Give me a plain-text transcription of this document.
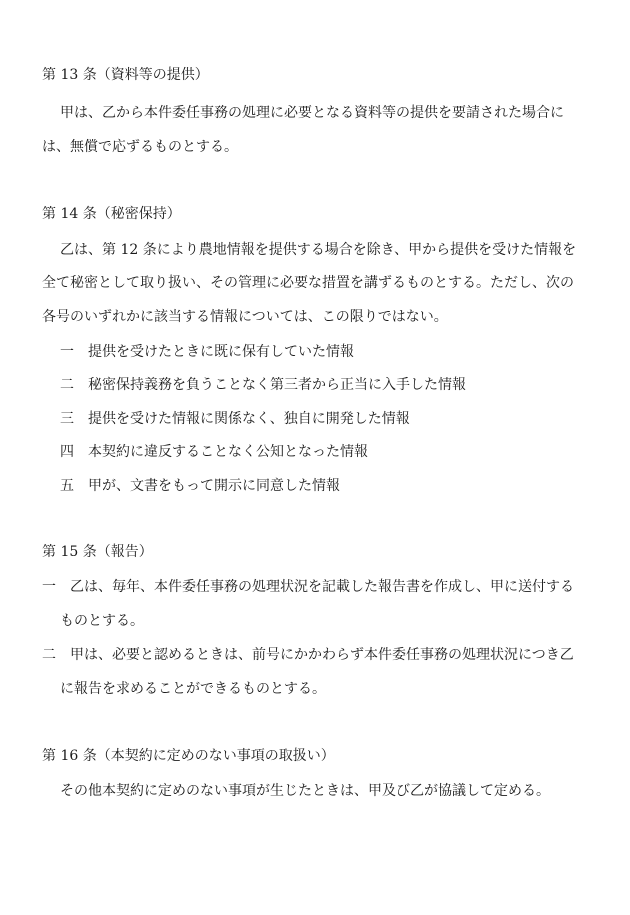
第 13 条（資料等の提供）
甲は、乙から本件委任事務の処理に必要となる資料等の提供を要請された場合に
は、無償で応ずるものとする。
第 14 条（秘密保持）
乙は、第 12 条により農地情報を提供する場合を除き、甲から提供を受けた情報を
全て秘密として取り扱い、その管理に必要な措置を講ずるものとする。ただし、次の
各号のいずれかに該当する情報については、この限りではない。
一　提供を受けたときに既に保有していた情報
二　秘密保持義務を負うことなく第三者から正当に入手した情報
三　提供を受けた情報に関係なく、独自に開発した情報
四　本契約に違反することなく公知となった情報
五　甲が、文書をもって開示に同意した情報
第 15 条（報告）
一　乙は、毎年、本件委任事務の処理状況を記載した報告書を作成し、甲に送付する
ものとする。
二　甲は、必要と認めるときは、前号にかかわらず本件委任事務の処理状況につき乙
に報告を求めることができるものとする。
第 16 条（本契約に定めのない事項の取扱い）
その他本契約に定めのない事項が生じたときは、甲及び乙が協議して定める。
